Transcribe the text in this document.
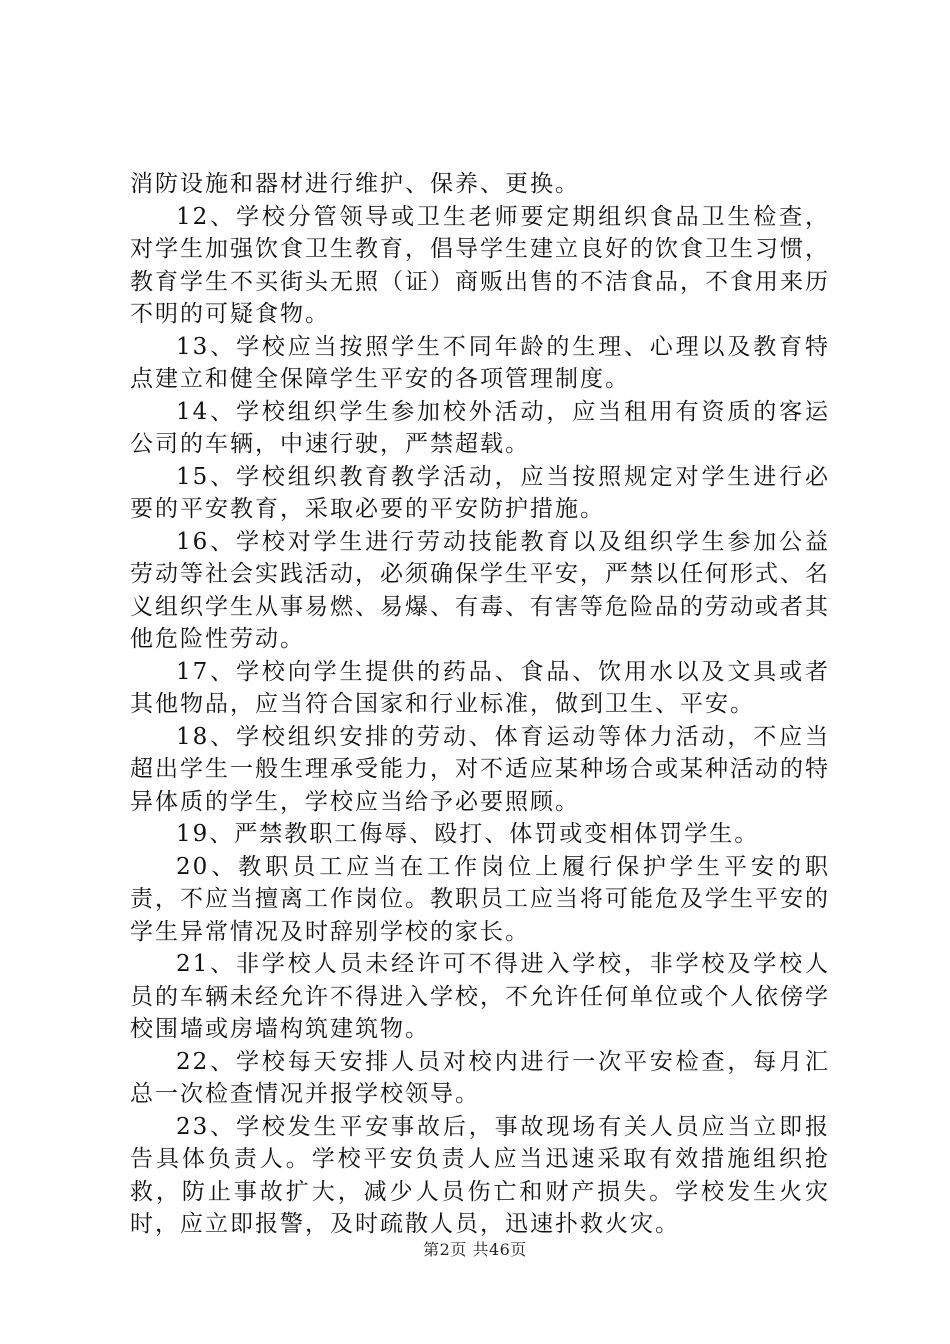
消防设施和器材进行维护、保养、更换。

12、学校分管领导或卫生老师要定期组织食品卫生检查，对学生加强饮食卫生教育，倡导学生建立良好的饮食卫生习惯，教育学生不买街头无照（证）商贩出售的不洁食品，不食用来历不明的可疑食物。

13、学校应当按照学生不同年龄的生理、心理以及教育特点建立和健全保障学生平安的各项管理制度。

14、学校组织学生参加校外活动，应当租用有资质的客运公司的车辆，中速行驶，严禁超载。

15、学校组织教育教学活动，应当按照规定对学生进行必要的平安教育，采取必要的平安防护措施。

16、学校对学生进行劳动技能教育以及组织学生参加公益劳动等社会实践活动，必须确保学生平安，严禁以任何形式、名义组织学生从事易燃、易爆、有毒、有害等危险品的劳动或者其他危险性劳动。

17、学校向学生提供的药品、食品、饮用水以及文具或者其他物品，应当符合国家和行业标准，做到卫生、平安。

18、学校组织安排的劳动、体育运动等体力活动，不应当超出学生一般生理承受能力，对不适应某种场合或某种活动的特异体质的学生，学校应当给予必要照顾。

19、严禁教职工侮辱、殴打、体罚或变相体罚学生。

20、教职员工应当在工作岗位上履行保护学生平安的职责，不应当擅离工作岗位。教职员工应当将可能危及学生平安的学生异常情况及时辞别学校的家长。

21、非学校人员未经许可不得进入学校，非学校及学校人员的车辆未经允许不得进入学校，不允许任何单位或个人依傍学校围墙或房墙构筑建筑物。

22、学校每天安排人员对校内进行一次平安检查，每月汇总一次检查情况并报学校领导。

23、学校发生平安事故后，事故现场有关人员应当立即报告具体负责人。学校平安负责人应当迅速采取有效措施组织抢救，防止事故扩大，减少人员伤亡和财产损失。学校发生火灾时，应立即报警，及时疏散人员，迅速扑救火灾。

第2页 共46页
